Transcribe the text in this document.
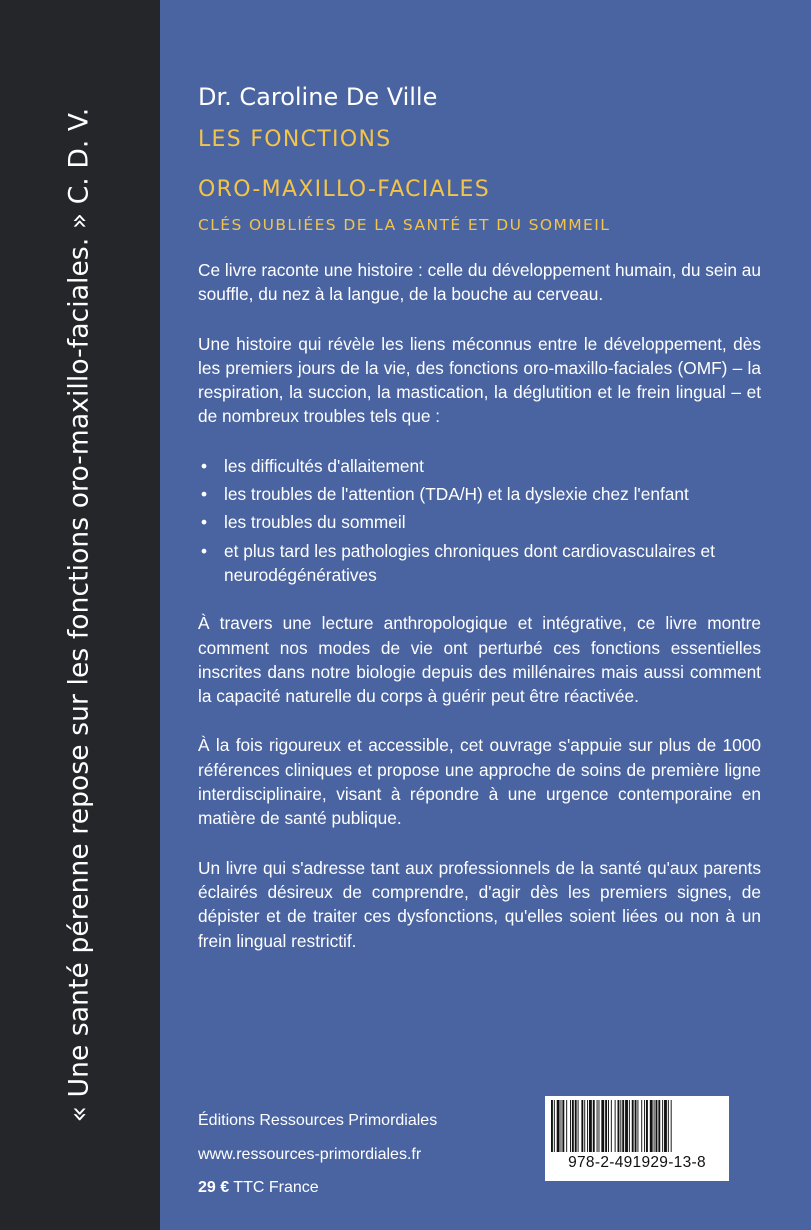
« Une santé pérenne repose sur les fonctions oro-maxillo-faciales. » C. D. V.
Dr. Caroline De Ville
LES FONCTIONS
ORO-MAXILLO-FACIALES
CLÉS OUBLIÉES DE LA SANTÉ ET DU SOMMEIL

Ce livre raconte une histoire : celle du développement humain, du sein au souffle, du nez à la langue, de la bouche au cerveau.

Une histoire qui révèle les liens méconnus entre le développement, dès les premiers jours de la vie, des fonctions oro-maxillo-faciales (OMF) – la respiration, la succion, la mastication, la déglutition et le frein lingual – et de nombreux troubles tels que :

• les difficultés d'allaitement
• les troubles de l'attention (TDA/H) et la dyslexie chez l'enfant
• les troubles du sommeil
• et plus tard les pathologies chroniques dont cardiovasculaires et neurodégénératives

À travers une lecture anthropologique et intégrative, ce livre montre comment nos modes de vie ont perturbé ces fonctions essentielles inscrites dans notre biologie depuis des millénaires mais aussi comment la capacité naturelle du corps à guérir peut être réactivée.

À la fois rigoureux et accessible, cet ouvrage s'appuie sur plus de 1000 références cliniques et propose une approche de soins de première ligne interdisciplinaire, visant à répondre à une urgence contemporaine en matière de santé publique.

Un livre qui s'adresse tant aux professionnels de la santé qu'aux parents éclairés désireux de comprendre, d'agir dès les premiers signes, de dépister et de traiter ces dysfonctions, qu'elles soient liées ou non à un frein lingual restrictif.

Éditions Ressources Primordiales
www.ressources-primordiales.fr
29 € TTC France
978-2-491929-13-8
